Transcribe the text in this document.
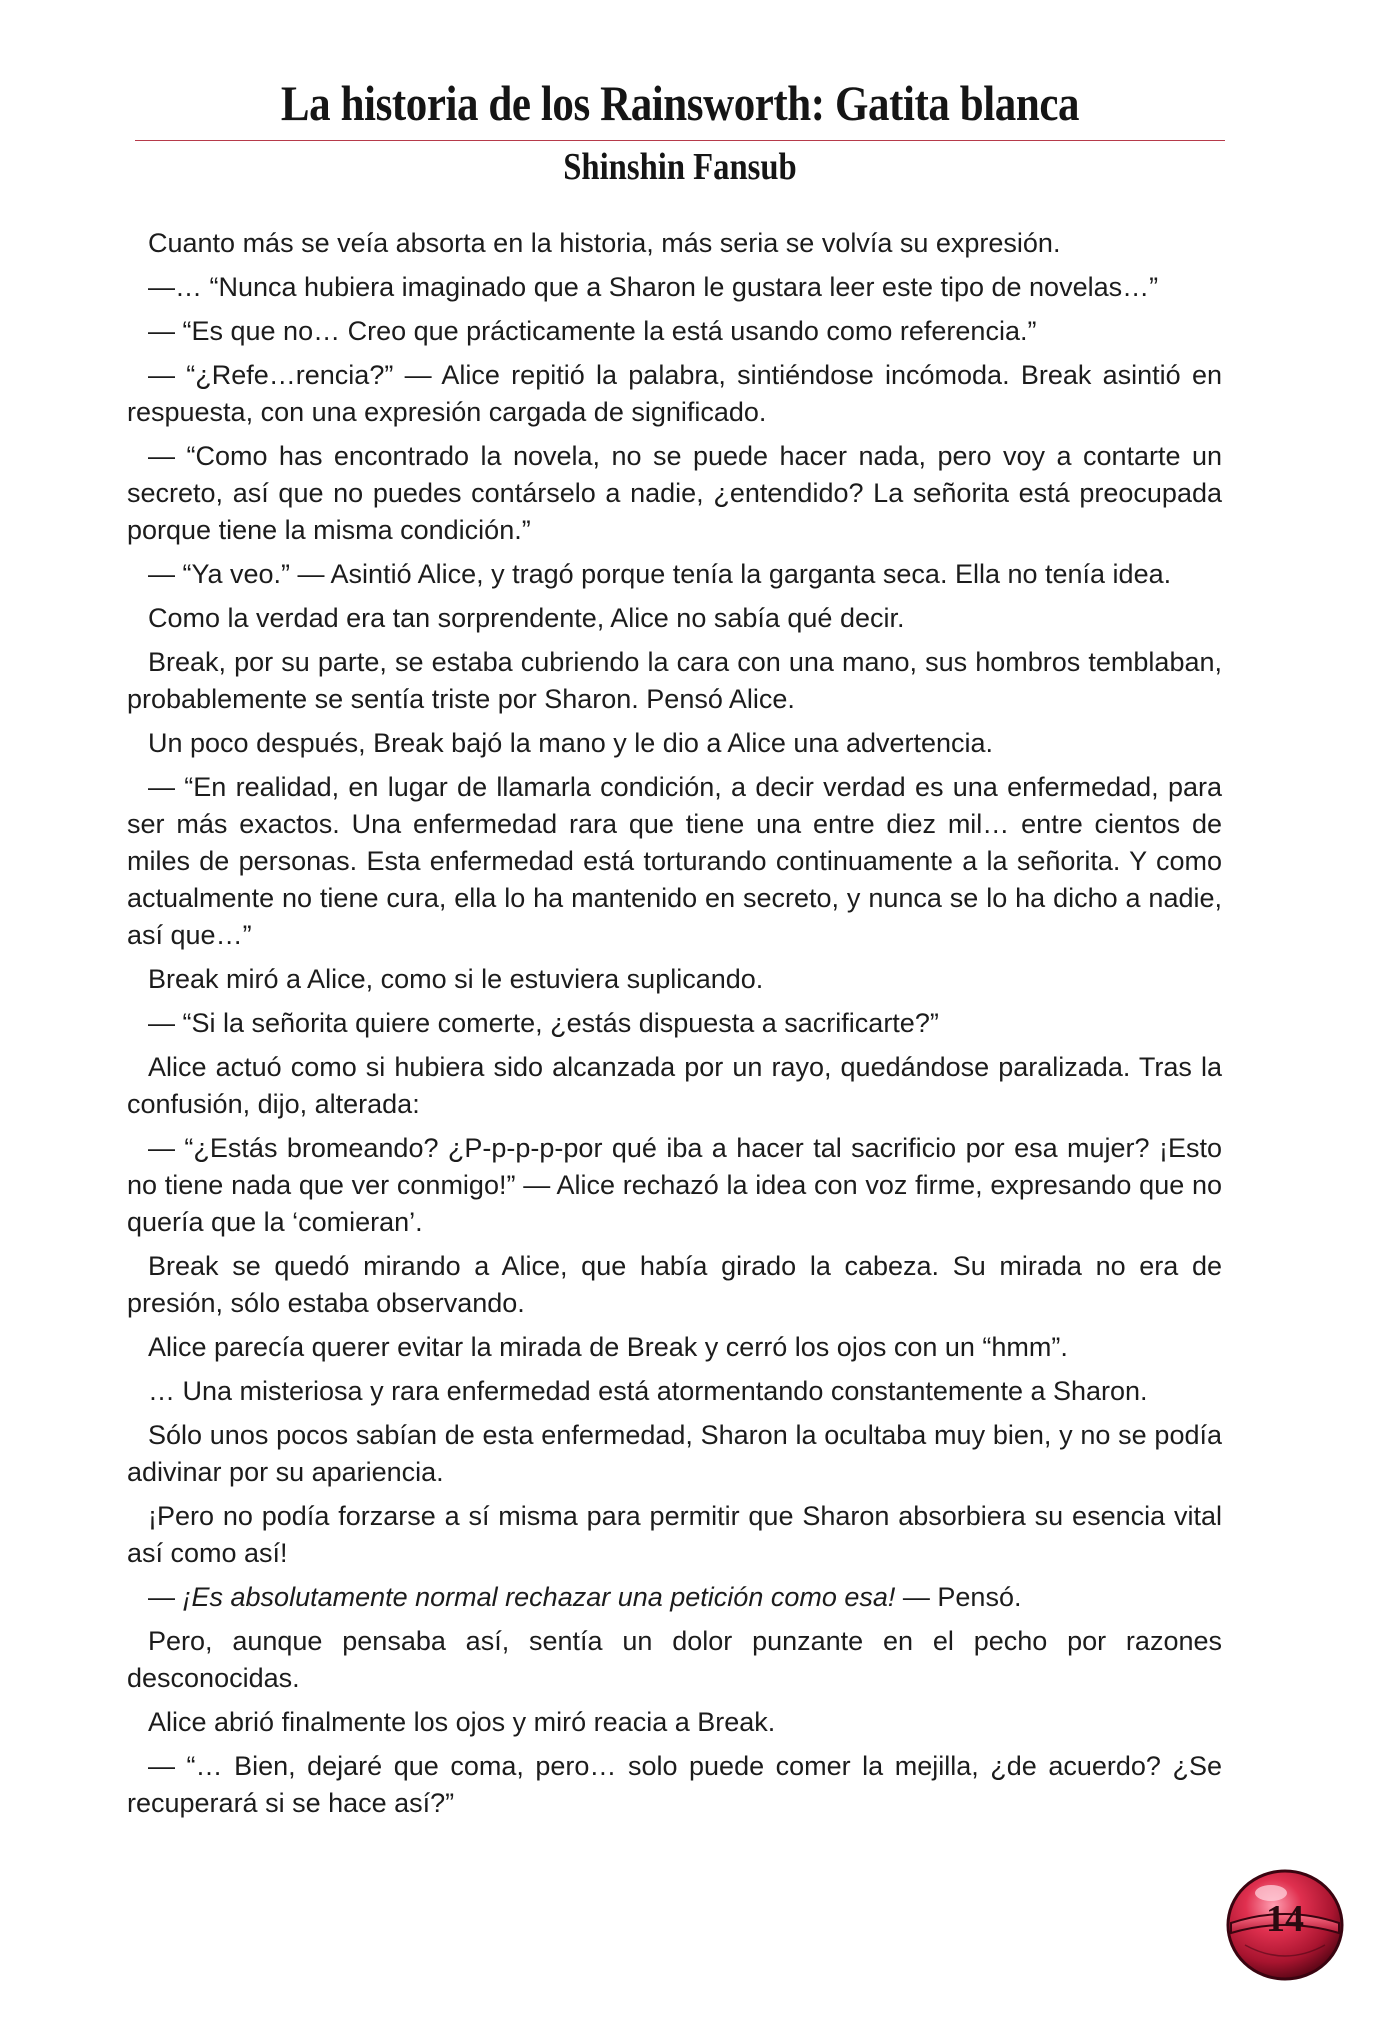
La historia de los Rainsworth: Gatita blanca
Shinshin Fansub

Cuanto más se veía absorta en la historia, más seria se volvía su expresión.

—… “Nunca hubiera imaginado que a Sharon le gustara leer este tipo de novelas…”

— “Es que no… Creo que prácticamente la está usando como referencia.”

— “¿Refe…rencia?” — Alice repitió la palabra, sintiéndose incómoda. Break asintió en respuesta, con una expresión cargada de significado.

— “Como has encontrado la novela, no se puede hacer nada, pero voy a contarte un secreto, así que no puedes contárselo a nadie, ¿entendido? La señorita está preocupada porque tiene la misma condición.”

— “Ya veo.” — Asintió Alice, y tragó porque tenía la garganta seca. Ella no tenía idea.

Como la verdad era tan sorprendente, Alice no sabía qué decir.

Break, por su parte, se estaba cubriendo la cara con una mano, sus hombros temblaban, probablemente se sentía triste por Sharon. Pensó Alice.

Un poco después, Break bajó la mano y le dio a Alice una advertencia.

— “En realidad, en lugar de llamarla condición, a decir verdad es una enfermedad, para ser más exactos. Una enfermedad rara que tiene una entre diez mil… entre cientos de miles de personas. Esta enfermedad está torturando continuamente a la señorita. Y como actualmente no tiene cura, ella lo ha mantenido en secreto, y nunca se lo ha dicho a nadie, así que…”

Break miró a Alice, como si le estuviera suplicando.

— “Si la señorita quiere comerte, ¿estás dispuesta a sacrificarte?”

Alice actuó como si hubiera sido alcanzada por un rayo, quedándose paralizada. Tras la confusión, dijo, alterada:

— “¿Estás bromeando? ¿P-p-p-p-por qué iba a hacer tal sacrificio por esa mujer? ¡Esto no tiene nada que ver conmigo!” — Alice rechazó la idea con voz firme, expresando que no quería que la ‘comieran’.

Break se quedó mirando a Alice, que había girado la cabeza. Su mirada no era de presión, sólo estaba observando.

Alice parecía querer evitar la mirada de Break y cerró los ojos con un “hmm”.

… Una misteriosa y rara enfermedad está atormentando constantemente a Sharon.

Sólo unos pocos sabían de esta enfermedad, Sharon la ocultaba muy bien, y no se podía adivinar por su apariencia.

¡Pero no podía forzarse a sí misma para permitir que Sharon absorbiera su esencia vital así como así!

— ¡Es absolutamente normal rechazar una petición como esa! — Pensó.

Pero, aunque pensaba así, sentía un dolor punzante en el pecho por razones desconocidas.

Alice abrió finalmente los ojos y miró reacia a Break.

— “… Bien, dejaré que coma, pero… solo puede comer la mejilla, ¿de acuerdo? ¿Se recuperará si se hace así?”

14
